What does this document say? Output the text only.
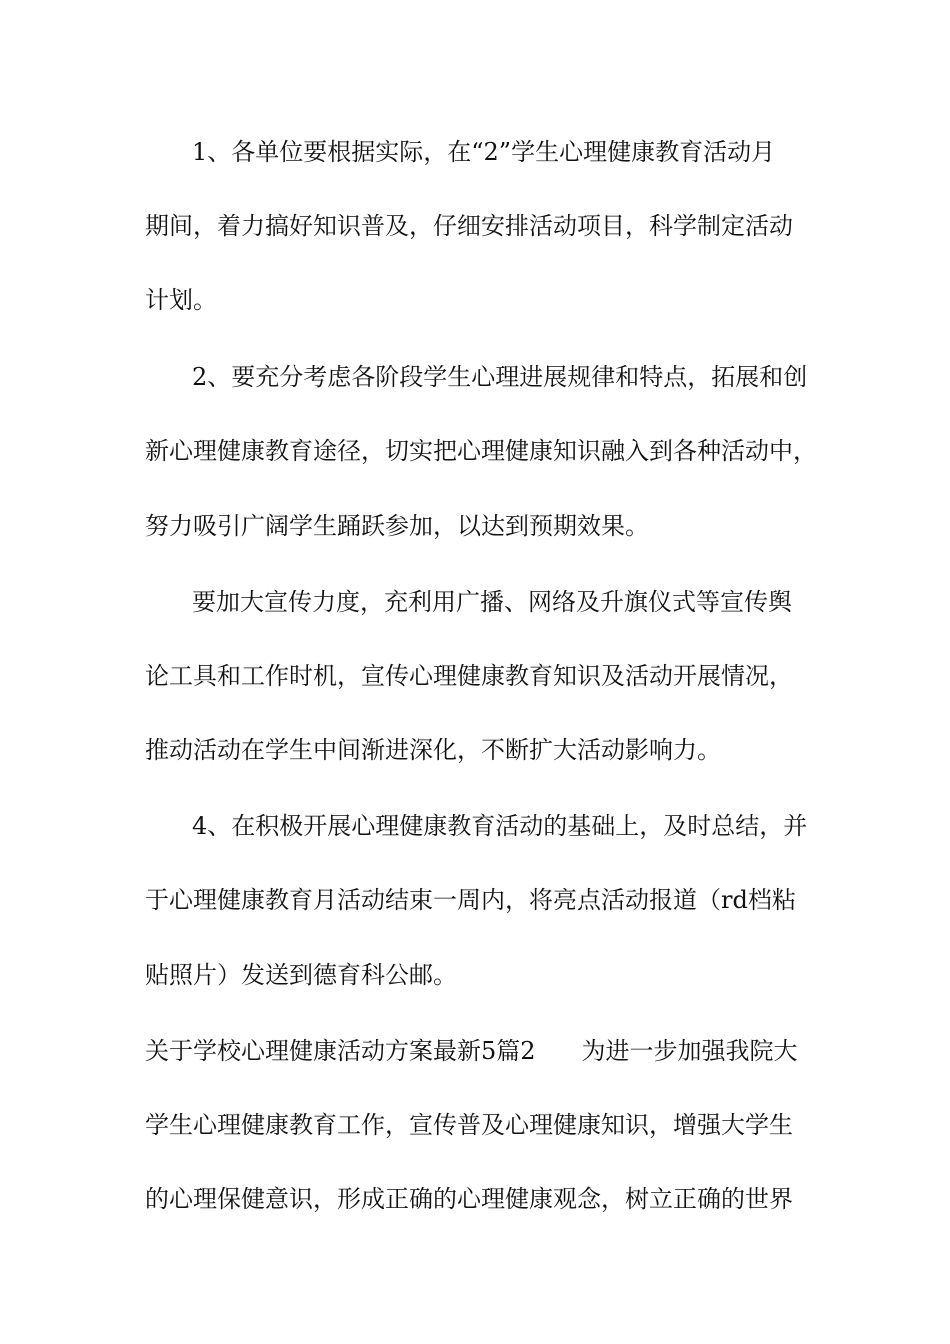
1、各单位要根据实际，在“2”学生心理健康教育活动月
期间，着力搞好知识普及，仔细安排活动项目，科学制定活动
计划。
2、要充分考虑各阶段学生心理进展规律和特点，拓展和创
新心理健康教育途径，切实把心理健康知识融入到各种活动中，
努力吸引广阔学生踊跃参加，以达到预期效果。
要加大宣传力度，充利用广播、网络及升旗仪式等宣传舆
论工具和工作时机，宣传心理健康教育知识及活动开展情况，
推动活动在学生中间渐进深化，不断扩大活动影响力。
4、在积极开展心理健康教育活动的基础上，及时总结，并
于心理健康教育月活动结束一周内，将亮点活动报道（rd档粘
贴照片）发送到德育科公邮。
关于学校心理健康活动方案最新5篇2 为进一步加强我院大
学生心理健康教育工作，宣传普及心理健康知识，增强大学生
的心理保健意识，形成正确的心理健康观念，树立正确的世界
